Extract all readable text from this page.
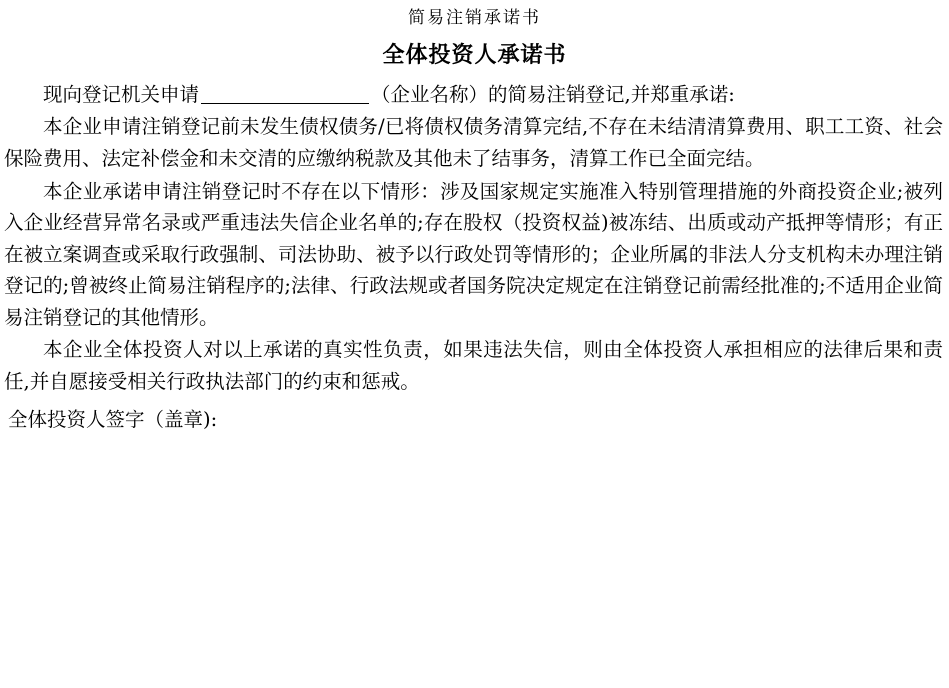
简易注销承诺书
全体投资人承诺书

现向登记机关申请	（企业名称）的简易注销登记,并郑重承诺:

本企业申请注销登记前未发生债权债务/已将债权债务清算完结,不存在未结清清算费用、职工工资、社会保险费用、法定补偿金和未交清的应缴纳税款及其他未了结事务，清算工作已全面完结。

本企业承诺申请注销登记时不存在以下情形：涉及国家规定实施准入特别管理措施的外商投资企业;被列入企业经营异常名录或严重违法失信企业名单的;存在股权（投资权益)被冻结、出质或动产抵押等情形；有正在被立案调查或采取行政强制、司法协助、被予以行政处罚等情形的；企业所属的非法人分支机构未办理注销登记的;曾被终止简易注销程序的;法律、行政法规或者国务院决定规定在注销登记前需经批准的;不适用企业简易注销登记的其他情形。

本企业全体投资人对以上承诺的真实性负责，如果违法失信，则由全体投资人承担相应的法律后果和责任,并自愿接受相关行政执法部门的约束和惩戒。

全体投资人签字（盖章):
